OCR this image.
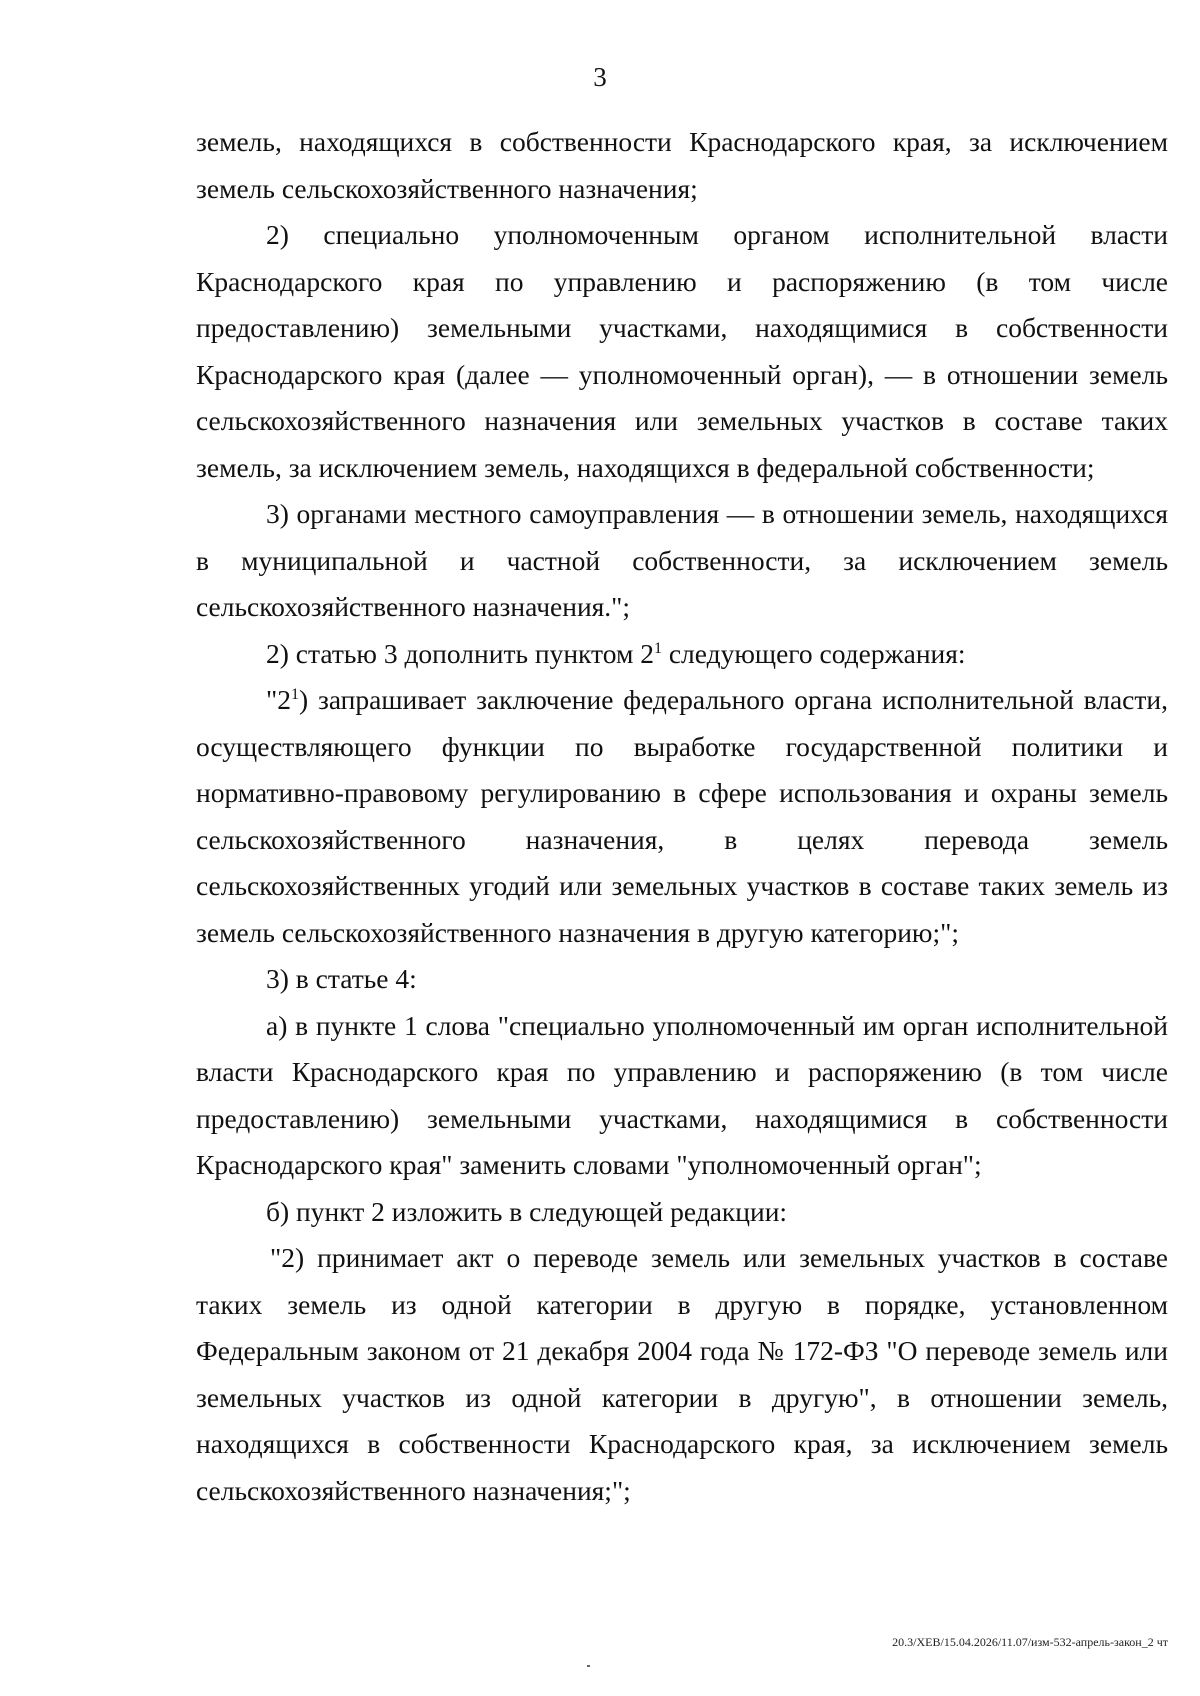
3

земель, находящихся в собственности Краснодарского края, за исключением земель сельскохозяйственного назначения;

2) специально уполномоченным органом исполнительной власти Краснодарского края по управлению и распоряжению (в том числе предоставлению) земельными участками, находящимися в собственности Краснодарского края (далее — уполномоченный орган), — в отношении земель сельскохозяйственного назначения или земельных участков в составе таких земель, за исключением земель, находящихся в федеральной собственности;

3) органами местного самоуправления — в отношении земель, находящихся в муниципальной и частной собственности, за исключением земель сельскохозяйственного назначения.";

2) статью 3 дополнить пунктом $2^1$ следующего содержания:

"$2^1$) запрашивает заключение федерального органа исполнительной власти, осуществляющего функции по выработке государственной политики и нормативно-правовому регулированию в сфере использования и охраны земель сельскохозяйственного назначения, в целях перевода земель сельскохозяйственных угодий или земельных участков в составе таких земель из земель сельскохозяйственного назначения в другую категорию;";

3) в статье 4:

а) в пункте 1 слова "специально уполномоченный им орган исполнительной власти Краснодарского края по управлению и распоряжению (в том числе предоставлению) земельными участками, находящимися в собственности Краснодарского края" заменить словами "уполномоченный орган";

б) пункт 2 изложить в следующей редакции:

"2) принимает акт о переводе земель или земельных участков в составе таких земель из одной категории в другую в порядке, установленном Федеральным законом от 21 декабря 2004 года № 172-ФЗ "О переводе земель или земельных участков из одной категории в другую", в отношении земель, находящихся в собственности Краснодарского края, за исключением земель сельскохозяйственного назначения;";

20.3/ХЕВ/15.04.2026/11.07/изм-532-апрель-закон_2 чт
